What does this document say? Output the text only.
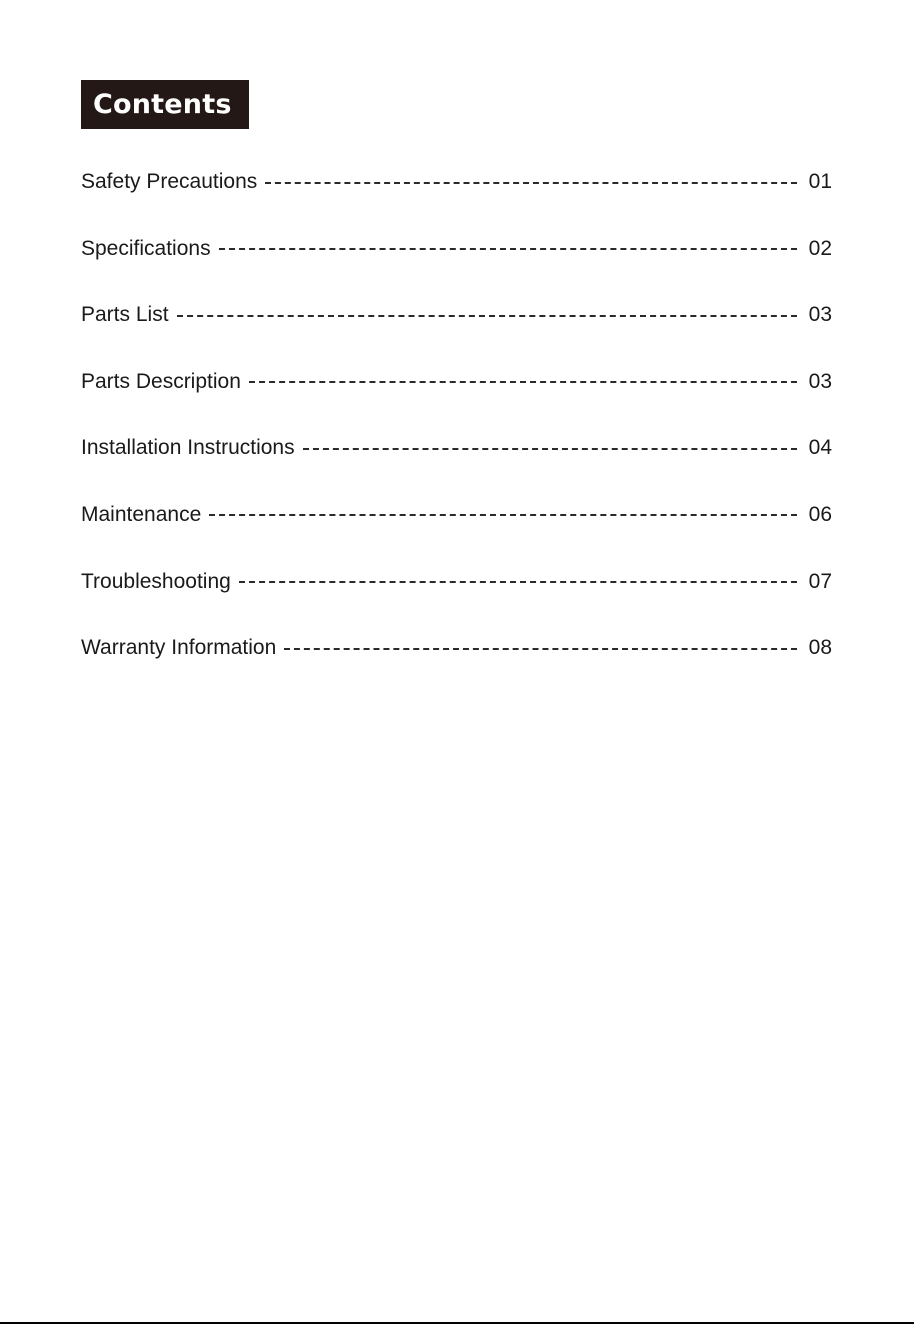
Contents
Safety Precautions	01
Specifications	02
Parts List	03
Parts Description	03
Installation Instructions	04
Maintenance	06
Troubleshooting	07
Warranty Information	08
